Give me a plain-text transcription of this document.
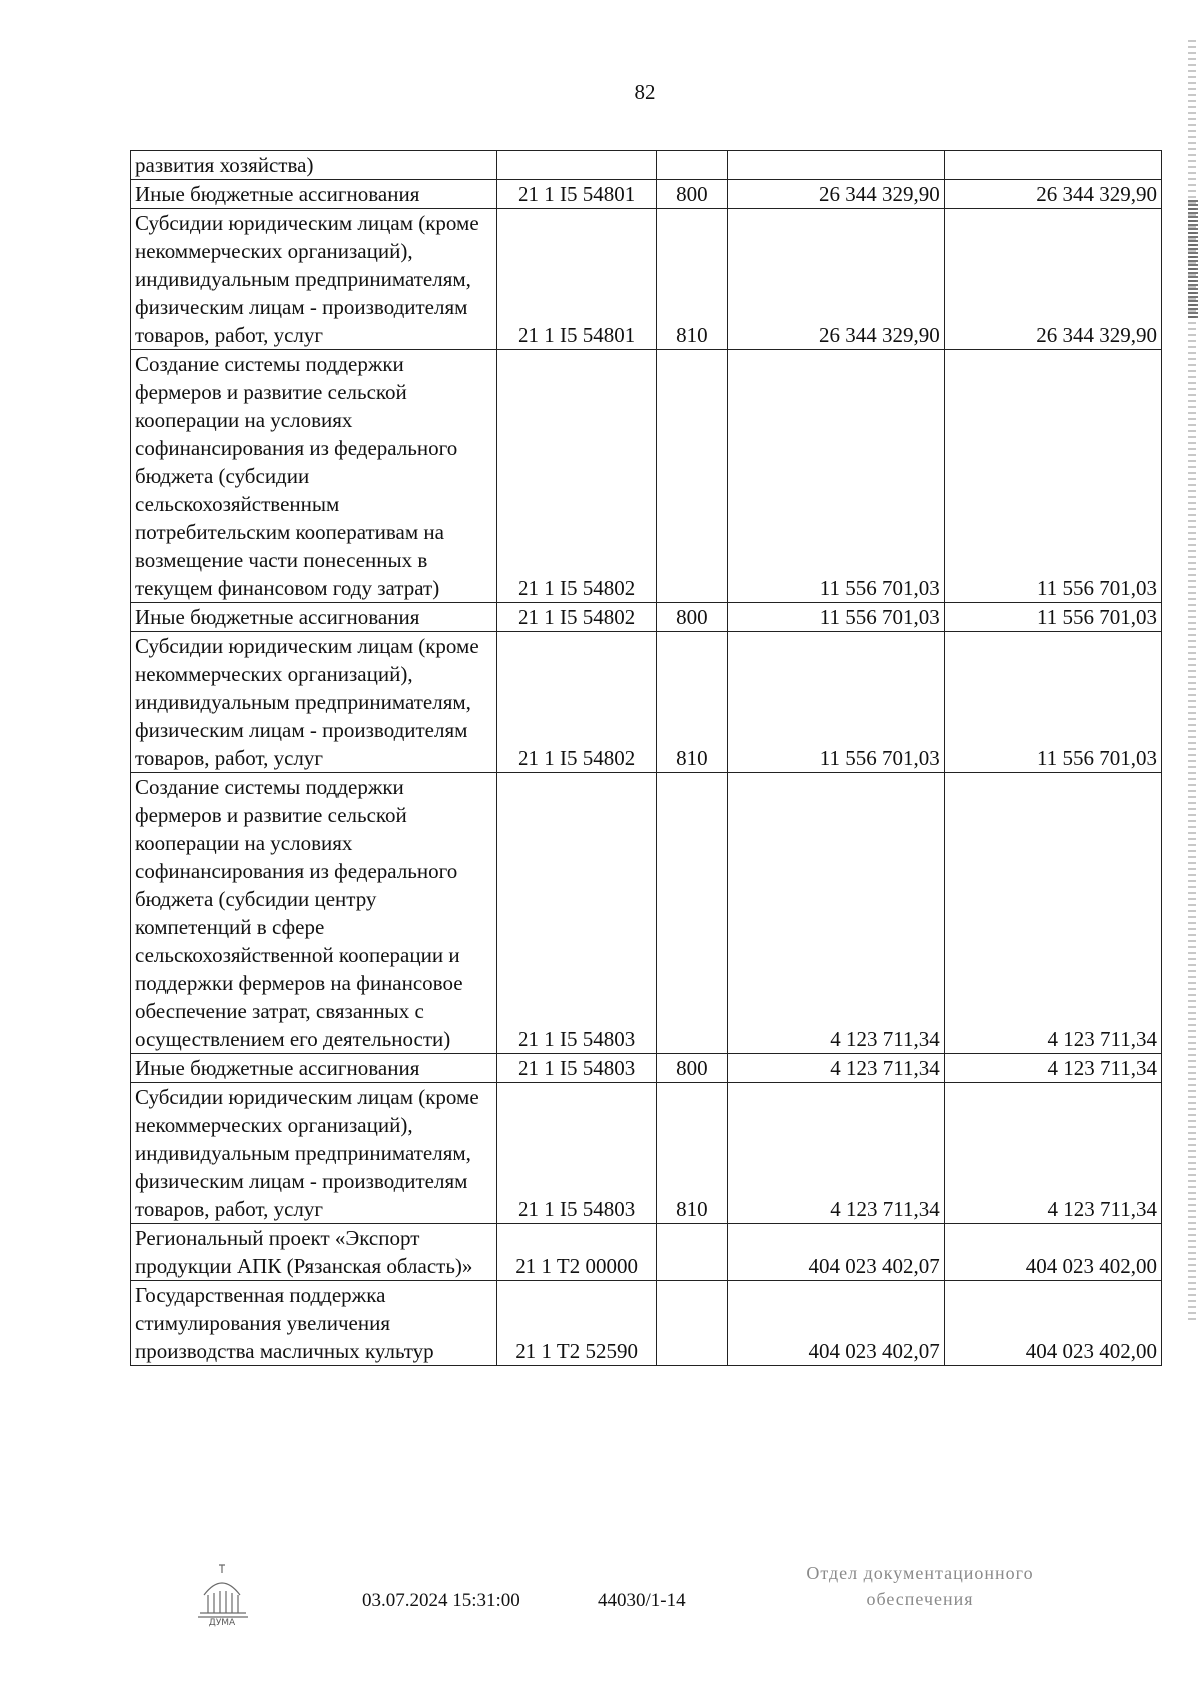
82
развития хозяйства)				
Иные бюджетные ассигнования	21 1 I5 54801	800	26 344 329,90	26 344 329,90
Субсидии юридическим лицам (кроме некоммерческих организаций), индивидуальным предпринимателям, физическим лицам - производителям товаров, работ, услуг	21 1 I5 54801	810	26 344 329,90	26 344 329,90
Создание системы поддержки фермеров и развитие сельской кооперации на условиях софинансирования из федерального бюджета (субсидии сельскохозяйственным потребительским кооперативам на возмещение части понесенных в текущем финансовом году затрат)	21 1 I5 54802		11 556 701,03	11 556 701,03
Иные бюджетные ассигнования	21 1 I5 54802	800	11 556 701,03	11 556 701,03
Субсидии юридическим лицам (кроме некоммерческих организаций), индивидуальным предпринимателям, физическим лицам - производителям товаров, работ, услуг	21 1 I5 54802	810	11 556 701,03	11 556 701,03
Создание системы поддержки фермеров и развитие сельской кооперации на условиях софинансирования из федерального бюджета (субсидии центру компетенций в сфере сельскохозяйственной кооперации и поддержки фермеров на финансовое обеспечение затрат, связанных с осуществлением его деятельности)	21 1 I5 54803		4 123 711,34	4 123 711,34
Иные бюджетные ассигнования	21 1 I5 54803	800	4 123 711,34	4 123 711,34
Субсидии юридическим лицам (кроме некоммерческих организаций), индивидуальным предпринимателям, физическим лицам - производителям товаров, работ, услуг	21 1 I5 54803	810	4 123 711,34	4 123 711,34
Региональный проект «Экспорт продукции АПК (Рязанская область)»	21 1 T2 00000		404 023 402,07	404 023 402,00
Государственная поддержка стимулирования увеличения производства масличных культур	21 1 T2 52590		404 023 402,07	404 023 402,00
ДУМА
03.07.2024 15:31:00	44030/1-14
Отдел документационного
обеспечения
